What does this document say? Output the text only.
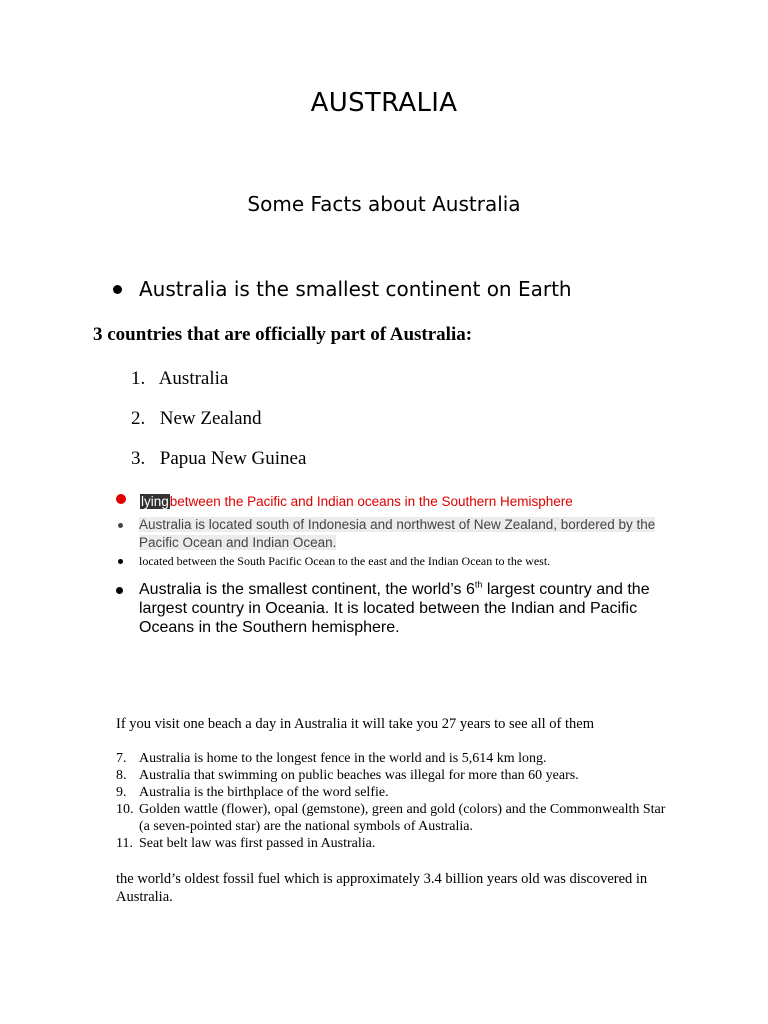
AUSTRALIA
Some Facts about Australia
Australia is the smallest continent on Earth
3 countries that are officially part of Australia:
1. Australia
2. New Zealand
3. Papua New Guinea
lying between the Pacific and Indian oceans in the Southern Hemisphere
Australia is located south of Indonesia and northwest of New Zealand, bordered by the Pacific Ocean and Indian Ocean.
located between the South Pacific Ocean to the east and the Indian Ocean to the west.
Australia is the smallest continent, the world’s 6th largest country and the largest country in Oceania. It is located between the Indian and Pacific Oceans in the Southern hemisphere.
If you visit one beach a day in Australia it will take you 27 years to see all of them
7. Australia is home to the longest fence in the world and is 5,614 km long.
8. Australia that swimming on public beaches was illegal for more than 60 years.
9. Australia is the birthplace of the word selfie.
10. Golden wattle (flower), opal (gemstone), green and gold (colors) and the Commonwealth Star (a seven-pointed star) are the national symbols of Australia.
11. Seat belt law was first passed in Australia.
the world’s oldest fossil fuel which is approximately 3.4 billion years old was discovered in Australia.
